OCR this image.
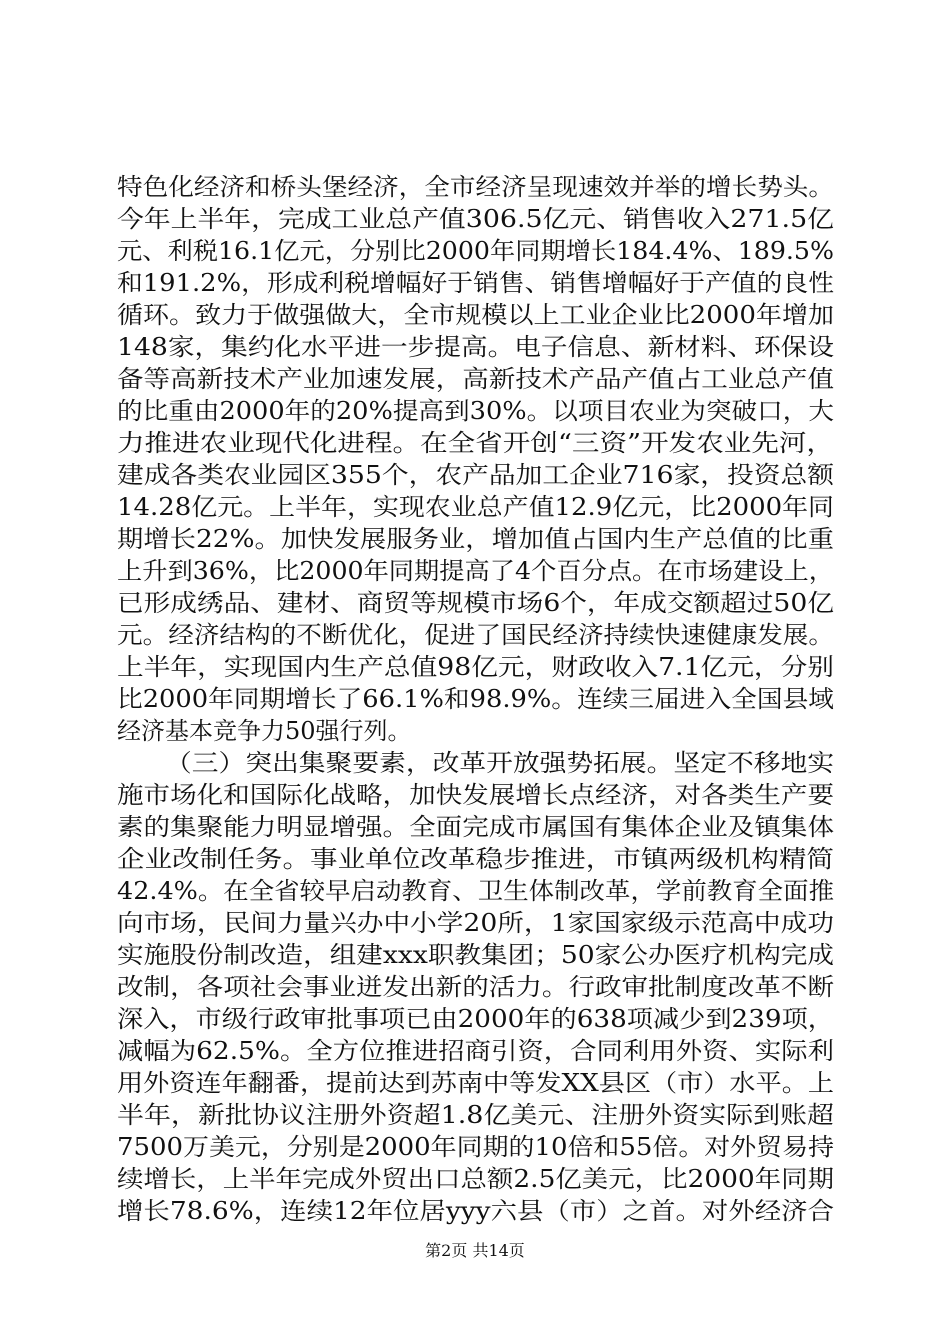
特色化经济和桥头堡经济，全市经济呈现速效并举的增长势头。
今年上半年，完成工业总产值306.5亿元、销售收入271.5亿
元、利税16.1亿元，分别比2000年同期增长184.4%、189.5%
和191.2%，形成利税增幅好于销售、销售增幅好于产值的良性
循环。致力于做强做大，全市规模以上工业企业比2000年增加
148家，集约化水平进一步提高。电子信息、新材料、环保设
备等高新技术产业加速发展，高新技术产品产值占工业总产值
的比重由2000年的20%提高到30%。以项目农业为突破口，大
力推进农业现代化进程。在全省开创“三资”开发农业先河，
建成各类农业园区355个，农产品加工企业716家，投资总额
14.28亿元。上半年，实现农业总产值12.9亿元，比2000年同
期增长22%。加快发展服务业，增加值占国内生产总值的比重
上升到36%，比2000年同期提高了4个百分点。在市场建设上，
已形成绣品、建材、商贸等规模市场6个，年成交额超过50亿
元。经济结构的不断优化，促进了国民经济持续快速健康发展。
上半年，实现国内生产总值98亿元，财政收入7.1亿元，分别
比2000年同期增长了66.1%和98.9%。连续三届进入全国县域
经济基本竞争力50强行列。
（三）突出集聚要素，改革开放强势拓展。坚定不移地实
施市场化和国际化战略，加快发展增长点经济，对各类生产要
素的集聚能力明显增强。全面完成市属国有集体企业及镇集体
企业改制任务。事业单位改革稳步推进，市镇两级机构精简
42.4%。在全省较早启动教育、卫生体制改革，学前教育全面推
向市场，民间力量兴办中小学20所，1家国家级示范高中成功
实施股份制改造，组建xxx职教集团；50家公办医疗机构完成
改制，各项社会事业迸发出新的活力。行政审批制度改革不断
深入，市级行政审批事项已由2000年的638项减少到239项，
减幅为62.5%。全方位推进招商引资，合同利用外资、实际利
用外资连年翻番，提前达到苏南中等发XX县区（市）水平。上
半年，新批协议注册外资超1.8亿美元、注册外资实际到账超
7500万美元，分别是2000年同期的10倍和55倍。对外贸易持
续增长，上半年完成外贸出口总额2.5亿美元，比2000年同期
增长78.6%，连续12年位居yyy六县（市）之首。对外经济合
第2页 共14页
